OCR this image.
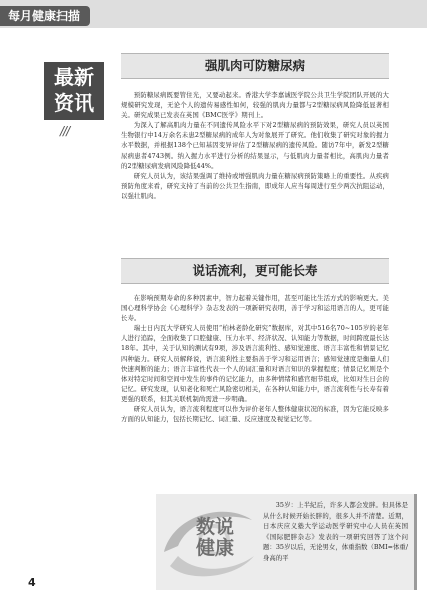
每月健康扫描
最新
资讯
///
强肌肉可防糖尿病

预防糖尿病既要管住光，又要动起来。香港大学李嘉诚医学院公共卫生学院团队开展的大规模研究发现，无论个人的遗传易感性如何，较强的肌肉力量都与2型糖尿病风险降低显著相关。研究成果已发表在英国《BMC医学》期刊上。

为深入了解高肌肉力量在不同遗传风险水平下对2型糖尿病的预防效果，研究人员以英国生物银行中14万余名未患2型糖尿病的成年人为对象展开了研究。他们收集了研究对象的握力水平数据，并根据138个已知基因变异评估了2型糖尿病的遗传风险。随访7年中，新发2型糖尿病患者4743例。纳入握力水平进行分析的结果显示，与低肌肉力量者相比，高肌肉力量者的2型糖尿病发病风险降低44%。

研究人员认为，该结果强调了维持或增强肌肉力量在糖尿病预防策略上的重要性。从疾病预防角度来看，研究支持了当前的公共卫生指南，即成年人应当每周进行至少两次抗阻运动，以强壮肌肉。

说话流利，更可能长寿

在影响预期寿命的多种因素中，智力起着关键作用，甚至可能比生活方式的影响更大。美国心理科学协会《心理科学》杂志发表的一项新研究表明，善于学习和运用语言的人，更可能长寿。

瑞士日内瓦大学研究人员使用“柏林老龄化研究”数据库，对其中516名70~105岁的老年人进行追踪，全面收集了口腔健康、压力水平、经济状况、认知能力等数据，时间跨度最长达18年。其中，关于认知的测试有9项，涉及语言流利性、感知觉速度、语言丰富性和情景记忆四种能力。研究人员解释说，语言流利性主要指善于学习和运用语言；感知觉速度是衡量人们快速判断的能力；语言丰富性代表一个人的词汇量和对语言知识的掌握程度；情景记忆则是个体对特定时间和空间中发生的事件的记忆能力，由多种情绪和感官细节组成，比如对生日会的记忆。研究发现，认知老化和死亡风险密切相关，在各种认知能力中，语言流利性与长寿有着更强的联系，但其关联机制尚需进一步明确。

研究人员认为，语言流利程度可以作为评价老年人整体健康状况的标准，因为它能反映多方面的认知能力，包括长期记忆、词汇量、反应速度及视觉记忆等。

数说
健康

35岁：上半紀后，许多人都会发胖。但具体是从什么时候开始长胖的，很多人并不清楚。近期，日本庆应义塾大学运动医学研究中心人员在英国《国际肥胖杂志》发表的一项研究回答了这个问题：35岁以后，无论男女，体重指数（BMI=体重/身高的平

4
